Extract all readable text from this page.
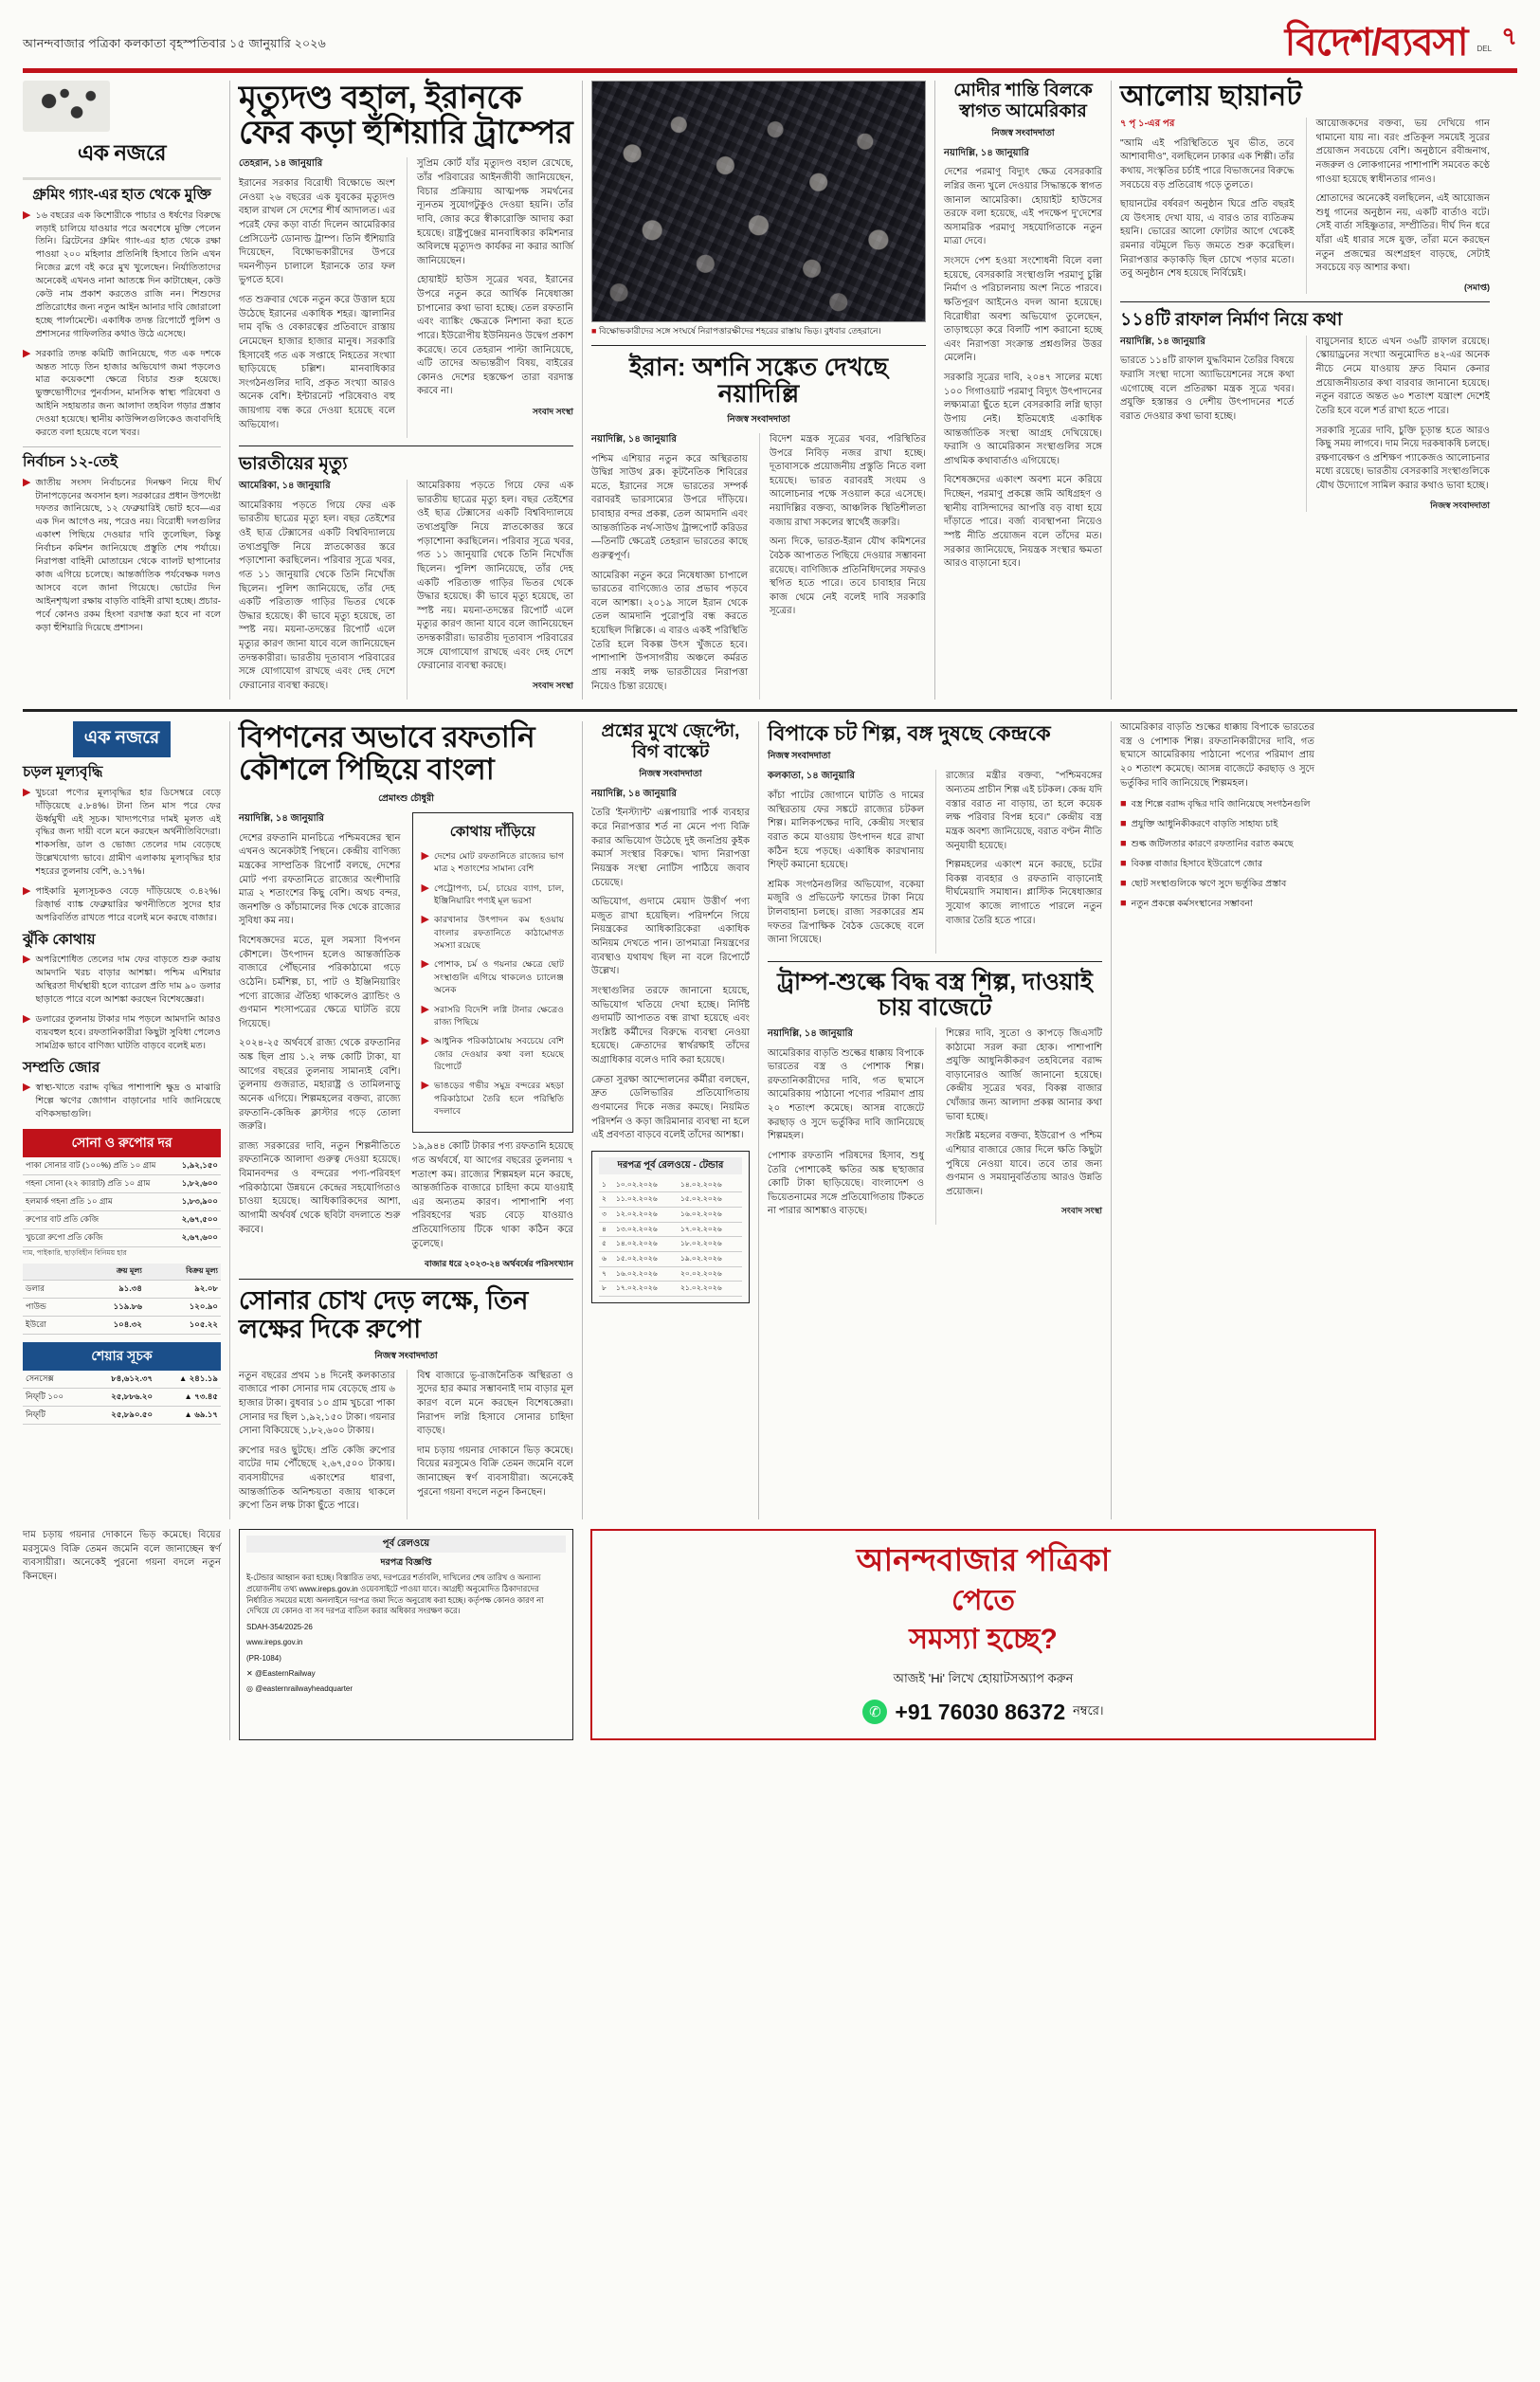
আনন্দবাজার পত্রিকা কলকাতা বৃহস্পতিবার ১৫ জানুয়ারি ২০২৬	বিদেশ/ব্যবসা DEL ৭
এক নজরে
গ্রুমিং গ্যাং-এর হাত থেকে মুক্তি
▶ ১৬ বছরের এক কিশোরীকে পাচার ও ধর্ষণের বিরুদ্ধে লড়াই চালিয়ে যাওয়ার পরে অবশেষে মুক্তি পেলেন তিনি। ব্রিটেনের গ্রুমিং গ্যাং-এর হাত থেকে রক্ষা পাওয়া ২০০ মহিলার প্রতিনিধি হিসাবে তিনি এখন নিজের ব্লগে বই করে মুখ খুলেছেন। নির্যাতিতাদের অনেকেই এখনও নানা আতঙ্কে দিন কাটাচ্ছেন, কেউ কেউ নাম প্রকাশ করতেও রাজি নন। শিশুদের প্রতিরোধের জন্য নতুন আইন আনার দাবি জোরালো হচ্ছে পার্লামেন্টে। একাধিক তদন্ত রিপোর্টে পুলিশ ও প্রশাসনের গাফিলতির কথাও উঠে এসেছে।
▶ সরকারি তদন্ত কমিটি জানিয়েছে, গত এক দশকে অন্তত সাড়ে তিন হাজার অভিযোগ জমা পড়লেও মাত্র কয়েকশো ক্ষেত্রে বিচার শুরু হয়েছে। ভুক্তভোগীদের পুনর্বাসন, মানসিক স্বাস্থ্য পরিষেবা ও আইনি সহায়তার জন্য আলাদা তহবিল গড়ার প্রস্তাব দেওয়া হয়েছে। স্থানীয় কাউন্সিলগুলিকেও জবাবদিহি করতে বলা হয়েছে বলে খবর।
নির্বাচন ১২-তেই
▶ জাতীয় সংসদ নির্বাচনের দিনক্ষণ নিয়ে দীর্ঘ টানাপড়েনের অবসান হল। সরকারের প্রধান উপদেষ্টা দফতর জানিয়েছে, ১২ ফেব্রুয়ারিই ভোট হবে—এর এক দিন আগেও নয়, পরেও নয়। বিরোধী দলগুলির একাংশ পিছিয়ে দেওয়ার দাবি তুলেছিল, কিন্তু নির্বাচন কমিশন জানিয়েছে প্রস্তুতি শেষ পর্যায়ে। নিরাপত্তা বাহিনী মোতায়েন থেকে ব্যালট ছাপানোর কাজ এগিয়ে চলেছে। আন্তর্জাতিক পর্যবেক্ষক দলও আসবে বলে জানা গিয়েছে। ভোটের দিন আইনশৃঙ্খলা রক্ষায় বাড়তি বাহিনী রাখা হচ্ছে। প্রচার-পর্বে কোনও রকম হিংসা বরদাস্ত করা হবে না বলে কড়া হুঁশিয়ারি দিয়েছে প্রশাসন।
মৃত্যুদণ্ড বহাল, ইরানকে ফের কড়া হুঁশিয়ারি ট্রাম্পের

তেহরান, ১৪ জানুয়ারি

ইরানের সরকার বিরোধী বিক্ষোভে অংশ নেওয়া ২৬ বছরের এক যুবকের মৃত্যুদণ্ড বহাল রাখল সে দেশের শীর্ষ আদালত। এর পরেই ফের কড়া বার্তা দিলেন আমেরিকার প্রেসিডেন্ট ডোনাল্ড ট্রাম্প। তিনি হুঁশিয়ারি দিয়েছেন, বিক্ষোভকারীদের উপরে দমনপীড়ন চালালে ইরানকে তার ফল ভুগতে হবে।

গত শুক্রবার থেকে নতুন করে উত্তাল হয়ে উঠেছে ইরানের একাধিক শহর। জ্বালানির দাম বৃদ্ধি ও বেকারত্বের প্রতিবাদে রাস্তায় নেমেছেন হাজার হাজার মানুষ। সরকারি হিসাবেই গত এক সপ্তাহে নিহতের সংখ্যা ছাড়িয়েছে চল্লিশ। মানবাধিকার সংগঠনগুলির দাবি, প্রকৃত সংখ্যা আরও অনেক বেশি। ইন্টারনেট পরিষেবাও বহু জায়গায় বন্ধ করে দেওয়া হয়েছে বলে অভিযোগ।

সুপ্রিম কোর্ট যাঁর মৃত্যুদণ্ড বহাল রেখেছে, তাঁর পরিবারের আইনজীবী জানিয়েছেন, বিচার প্রক্রিয়ায় আত্মপক্ষ সমর্থনের ন্যূনতম সুযোগটুকুও দেওয়া হয়নি। তাঁর দাবি, জোর করে স্বীকারোক্তি আদায় করা হয়েছে। রাষ্ট্রপুঞ্জের মানবাধিকার কমিশনার অবিলম্বে মৃত্যুদণ্ড কার্যকর না করার আর্জি জানিয়েছেন।

হোয়াইট হাউস সূত্রের খবর, ইরানের উপরে নতুন করে আর্থিক নিষেধাজ্ঞা চাপানোর কথা ভাবা হচ্ছে। তেল রফতানি এবং ব্যাঙ্কিং ক্ষেত্রকে নিশানা করা হতে পারে। ইউরোপীয় ইউনিয়নও উদ্বেগ প্রকাশ করেছে। তবে তেহরান পাল্টা জানিয়েছে, এটি তাদের অভ্যন্তরীণ বিষয়, বাইরের কোনও দেশের হস্তক্ষেপ তারা বরদাস্ত করবে না।

সংবাদ সংস্থা
ভারতীয়ের মৃত্যু

আমেরিকা, ১৪ জানুয়ারি

আমেরিকায় পড়তে গিয়ে ফের এক ভারতীয় ছাত্রের মৃত্যু হল। বছর তেইশের ওই ছাত্র টেক্সাসের একটি বিশ্ববিদ্যালয়ে তথ্যপ্রযুক্তি নিয়ে স্নাতকোত্তর স্তরে পড়াশোনা করছিলেন। পরিবার সূত্রে খবর, গত ১১ জানুয়ারি থেকে তিনি নিখোঁজ ছিলেন। পুলিশ জানিয়েছে, তাঁর দেহ একটি পরিত্যক্ত গাড়ির ভিতর থেকে উদ্ধার হয়েছে। কী ভাবে মৃত্যু হয়েছে, তা স্পষ্ট নয়। ময়না-তদন্তের রিপোর্ট এলে মৃত্যুর কারণ জানা যাবে বলে জানিয়েছেন তদন্তকারীরা। ভারতীয় দূতাবাস পরিবারের সঙ্গে যোগাযোগ রাখছে এবং দেহ দেশে ফেরানোর ব্যবস্থা করছে।

আমেরিকায় পড়তে গিয়ে ফের এক ভারতীয় ছাত্রের মৃত্যু হল। বছর তেইশের ওই ছাত্র টেক্সাসের একটি বিশ্ববিদ্যালয়ে তথ্যপ্রযুক্তি নিয়ে স্নাতকোত্তর স্তরে পড়াশোনা করছিলেন। পরিবার সূত্রে খবর, গত ১১ জানুয়ারি থেকে তিনি নিখোঁজ ছিলেন। পুলিশ জানিয়েছে, তাঁর দেহ একটি পরিত্যক্ত গাড়ির ভিতর থেকে উদ্ধার হয়েছে। কী ভাবে মৃত্যু হয়েছে, তা স্পষ্ট নয়। ময়না-তদন্তের রিপোর্ট এলে মৃত্যুর কারণ জানা যাবে বলে জানিয়েছেন তদন্তকারীরা। ভারতীয় দূতাবাস পরিবারের সঙ্গে যোগাযোগ রাখছে এবং দেহ দেশে ফেরানোর ব্যবস্থা করছে।

সংবাদ সংস্থা
■ বিক্ষোভকারীদের সঙ্গে সংঘর্ষে নিরাপত্তারক্ষীদের শহরের রাস্তায় ভিড়। বুধবার তেহরানে।
ইরান: অশনি সঙ্কেত দেখছে নয়াদিল্লি
নিজস্ব সংবাদদাতা

নয়াদিল্লি, ১৪ জানুয়ারি

পশ্চিম এশিয়ার নতুন করে অস্থিরতায় উদ্বিগ্ন সাউথ ব্লক। কূটনৈতিক শিবিরের মতে, ইরানের সঙ্গে ভারতের সম্পর্ক বরাবরই ভারসাম্যের উপরে দাঁড়িয়ে। চাবাহার বন্দর প্রকল্প, তেল আমদানি এবং আন্তর্জাতিক নর্থ-সাউথ ট্রান্সপোর্ট করিডর—তিনটি ক্ষেত্রেই তেহরান ভারতের কাছে গুরুত্বপূর্ণ।

আমেরিকা নতুন করে নিষেধাজ্ঞা চাপালে ভারতের বাণিজ্যেও তার প্রভাব পড়বে বলে আশঙ্কা। ২০১৯ সালে ইরান থেকে তেল আমদানি পুরোপুরি বন্ধ করতে হয়েছিল দিল্লিকে। এ বারও একই পরিস্থিতি তৈরি হলে বিকল্প উৎস খুঁজতে হবে। পাশাপাশি উপসাগরীয় অঞ্চলে কর্মরত প্রায় নব্বই লক্ষ ভারতীয়ের নিরাপত্তা নিয়েও চিন্তা রয়েছে।

বিদেশ মন্ত্রক সূত্রের খবর, পরিস্থিতির উপরে নিবিড় নজর রাখা হচ্ছে। দূতাবাসকে প্রয়োজনীয় প্রস্তুতি নিতে বলা হয়েছে। ভারত বরাবরই সংযম ও আলোচনার পক্ষে সওয়াল করে এসেছে। নয়াদিল্লির বক্তব্য, আঞ্চলিক স্থিতিশীলতা বজায় রাখা সকলের স্বার্থেই জরুরি।

অন্য দিকে, ভারত-ইরান যৌথ কমিশনের বৈঠক আপাতত পিছিয়ে দেওয়ার সম্ভাবনা রয়েছে। বাণিজ্যিক প্রতিনিধিদলের সফরও স্থগিত হতে পারে। তবে চাবাহার নিয়ে কাজ থেমে নেই বলেই দাবি সরকারি সূত্রের।

মোদীর শান্তি বিলকে স্বাগত আমেরিকার
নিজস্ব সংবাদদাতা

নয়াদিল্লি, ১৪ জানুয়ারি

দেশের পরমাণু বিদ্যুৎ ক্ষেত্র বেসরকারি লগ্নির জন্য খুলে দেওয়ার সিদ্ধান্তকে স্বাগত জানাল আমেরিকা। হোয়াইট হাউসের তরফে বলা হয়েছে, এই পদক্ষেপ দু'দেশের অসামরিক পরমাণু সহযোগিতাকে নতুন মাত্রা দেবে।

সংসদে পেশ হওয়া সংশোধনী বিলে বলা হয়েছে, বেসরকারি সংস্থাগুলি পরমাণু চুল্লি নির্মাণ ও পরিচালনায় অংশ নিতে পারবে। ক্ষতিপূরণ আইনেও বদল আনা হয়েছে। বিরোধীরা অবশ্য অভিযোগ তুলেছেন, তাড়াহুড়ো করে বিলটি পাশ করানো হচ্ছে এবং নিরাপত্তা সংক্রান্ত প্রশ্নগুলির উত্তর মেলেনি।

সরকারি সূত্রের দাবি, ২০৪৭ সালের মধ্যে ১০০ গিগাওয়াট পরমাণু বিদ্যুৎ উৎপাদনের লক্ষ্যমাত্রা ছুঁতে হলে বেসরকারি লগ্নি ছাড়া উপায় নেই। ইতিমধ্যেই একাধিক আন্তর্জাতিক সংস্থা আগ্রহ দেখিয়েছে। ফরাসি ও আমেরিকান সংস্থাগুলির সঙ্গে প্রাথমিক কথাবার্তাও এগিয়েছে।

বিশেষজ্ঞদের একাংশ অবশ্য মনে করিয়ে দিচ্ছেন, পরমাণু প্রকল্পে জমি অধিগ্রহণ ও স্থানীয় বাসিন্দাদের আপত্তি বড় বাধা হয়ে দাঁড়াতে পারে। বর্জ্য ব্যবস্থাপনা নিয়েও স্পষ্ট নীতি প্রয়োজন বলে তাঁদের মত। সরকার জানিয়েছে, নিয়ন্ত্রক সংস্থার ক্ষমতা আরও বাড়ানো হবে।

আলোয় ছায়ানট

৭ পৃ ১-এর পর

"আমি এই পরিস্থিতিতে খুব ভীত, তবে আশাবাদীও", বলছিলেন ঢাকার এক শিল্পী। তাঁর কথায়, সংস্কৃতির চর্চাই পারে বিভাজনের বিরুদ্ধে সবচেয়ে বড় প্রতিরোধ গড়ে তুলতে।

ছায়ানটের বর্ষবরণ অনুষ্ঠান ঘিরে প্রতি বছরই যে উৎসাহ দেখা যায়, এ বারও তার ব্যতিক্রম হয়নি। ভোরের আলো ফোটার আগে থেকেই রমনার বটমূলে ভিড় জমতে শুরু করেছিল। নিরাপত্তার কড়াকড়ি ছিল চোখে পড়ার মতো। তবু অনুষ্ঠান শেষ হয়েছে নির্বিঘ্নেই।

আয়োজকদের বক্তব্য, ভয় দেখিয়ে গান থামানো যায় না। বরং প্রতিকূল সময়েই সুরের প্রয়োজন সবচেয়ে বেশি। অনুষ্ঠানে রবীন্দ্রনাথ, নজরুল ও লোকগানের পাশাপাশি সমবেত কণ্ঠে গাওয়া হয়েছে স্বাধীনতার গানও।

শ্রোতাদের অনেকেই বলছিলেন, এই আয়োজন শুধু গানের অনুষ্ঠান নয়, একটি বার্তাও বটে। সেই বার্তা সহিষ্ণুতার, সম্প্রীতির। দীর্ঘ দিন ধরে যাঁরা এই ধারার সঙ্গে যুক্ত, তাঁরা মনে করছেন নতুন প্রজন্মের অংশগ্রহণ বাড়ছে, সেটাই সবচেয়ে বড় আশার কথা।

(সমাপ্ত)
১১৪টি রাফাল নির্মাণ নিয়ে কথা

নয়াদিল্লি, ১৪ জানুয়ারি

ভারতে ১১৪টি রাফাল যুদ্ধবিমান তৈরির বিষয়ে ফরাসি সংস্থা দাসো অ্যাভিয়েশনের সঙ্গে কথা এগোচ্ছে বলে প্রতিরক্ষা মন্ত্রক সূত্রে খবর। প্রযুক্তি হস্তান্তর ও দেশীয় উৎপাদনের শর্তে বরাত দেওয়ার কথা ভাবা হচ্ছে।

বায়ুসেনার হাতে এখন ৩৬টি রাফাল রয়েছে। স্কোয়াড্রনের সংখ্যা অনুমোদিত ৪২-এর অনেক নীচে নেমে যাওয়ায় দ্রুত বিমান কেনার প্রয়োজনীয়তার কথা বারবার জানানো হয়েছে। নতুন বরাতে অন্তত ৬০ শতাংশ যন্ত্রাংশ দেশেই তৈরি হবে বলে শর্ত রাখা হতে পারে।

সরকারি সূত্রের দাবি, চুক্তি চূড়ান্ত হতে আরও কিছু সময় লাগবে। দাম নিয়ে দরকষাকষি চলছে। রক্ষণাবেক্ষণ ও প্রশিক্ষণ প্যাকেজও আলোচনার মধ্যে রয়েছে। ভারতীয় বেসরকারি সংস্থাগুলিকে যৌথ উদ্যোগে সামিল করার কথাও ভাবা হচ্ছে।

নিজস্ব সংবাদদাতা
এক নজরে
চড়ল মূল্যবৃদ্ধি
▶ খুচরো পণ্যের মূল্যবৃদ্ধির হার ডিসেম্বরে বেড়ে দাঁড়িয়েছে ৫.৮৪%। টানা তিন মাস পরে ফের ঊর্ধ্বমুখী এই সূচক। খাদ্যপণ্যের দামই মূলত এই বৃদ্ধির জন্য দায়ী বলে মনে করছেন অর্থনীতিবিদেরা। শাকসব্জি, ডাল ও ভোজ্য তেলের দাম বেড়েছে উল্লেখযোগ্য ভাবে। গ্রামীণ এলাকায় মূল্যবৃদ্ধির হার শহরের তুলনায় বেশি, ৬.১৭%।
▶ পাইকারি মূল্যসূচকও বেড়ে দাঁড়িয়েছে ৩.৪২%। রিজ়ার্ভ ব্যাঙ্ক ফেব্রুয়ারির ঋণনীতিতে সুদের হার অপরিবর্তিত রাখতে পারে বলেই মনে করছে বাজার।
ঝুঁকি কোথায়
▶ অপরিশোধিত তেলের দাম ফের বাড়তে শুরু করায় আমদানি খরচ বাড়ার আশঙ্কা। পশ্চিম এশিয়ার অস্থিরতা দীর্ঘস্থায়ী হলে ব্যারেল প্রতি দাম ৯০ ডলার ছাড়াতে পারে বলে আশঙ্কা করছেন বিশেষজ্ঞেরা।
▶ ডলারের তুলনায় টাকার দাম পড়লে আমদানি আরও ব্যয়বহুল হবে। রফতানিকারীরা কিছুটা সুবিধা পেলেও সামগ্রিক ভাবে বাণিজ্য ঘাটতি বাড়বে বলেই মত।
সম্প্রতি জোর
▶ স্বাস্থ্য-খাতে বরাদ্দ বৃদ্ধির পাশাপাশি ক্ষুদ্র ও মাঝারি শিল্পে ঋণের জোগান বাড়ানোর দাবি জানিয়েছে বণিকসভাগুলি।
সোনা ও রুপোর দর
পাকা সোনার বাট (১০০%) প্রতি ১০ গ্রাম	১,৯২,১৫০
গহনা সোনা (২২ ক্যারাট) প্রতি ১০ গ্রাম	১,৮২,৬০০
হলমার্ক গহনা প্রতি ১০ গ্রাম	১,৮৩,৯০০
রুপোর বাট প্রতি কেজি	২,৬৭,৫০০
খুচরো রুপো প্রতি কেজি	২,৬৭,৬০০
দাম, পাইকারি, ছাড়বিহীন বিনিময় হার
	ক্রয় মূল্য	বিক্রয় মূল্য
ডলার	৯১.৩৪	৯২.০৮
পাউন্ড	১১৯.৮৬	১২০.৯০
ইউরো	১০৪.৩২	১০৫.২২
শেয়ার সূচক
সেনসেক্স	৮৪,৬১২.৩৭	▲ ২৪১.১৯
নিফ্‌টি ১০০	২৫,৮৮৬.২০	▲ ৭৩.৪৫
নিফ্‌টি	২৫,৮৯০.৫০	▲ ৬৯.১৭
বিপণনের অভাবে রফতানি কৌশলে পিছিয়ে বাংলা
প্রেমাংশু চৌধুরী

নয়াদিল্লি, ১৪ জানুয়ারি

দেশের রফতানি মানচিত্রে পশ্চিমবঙ্গের স্থান এখনও অনেকটাই পিছনে। কেন্দ্রীয় বাণিজ্য মন্ত্রকের সাম্প্রতিক রিপোর্ট বলছে, দেশের মোট পণ্য রফতানিতে রাজ্যের অংশীদারি মাত্র ২ শতাংশের কিছু বেশি। অথচ বন্দর, জনশক্তি ও কাঁচামালের দিক থেকে রাজ্যের সুবিধা কম নয়।

বিশেষজ্ঞদের মতে, মূল সমস্যা বিপণন কৌশলে। উৎপাদন হলেও আন্তর্জাতিক বাজারে পৌঁছনোর পরিকাঠামো গড়ে ওঠেনি। চর্মশিল্প, চা, পাট ও ইঞ্জিনিয়ারিং পণ্যে রাজ্যের ঐতিহ্য থাকলেও ব্র্যান্ডিং ও গুণমান শংসাপত্রের ক্ষেত্রে ঘাটতি রয়ে গিয়েছে।

২০২৪-২৫ অর্থবর্ষে রাজ্য থেকে রফতানির অঙ্ক ছিল প্রায় ১.২ লক্ষ কোটি টাকা, যা আগের বছরের তুলনায় সামান্যই বেশি। তুলনায় গুজরাত, মহারাষ্ট্র ও তামিলনাড়ু অনেক এগিয়ে। শিল্পমহলের বক্তব্য, রাজ্যে রফতানি-কেন্দ্রিক ক্লাস্টার গড়ে তোলা জরুরি।

রাজ্য সরকারের দাবি, নতুন শিল্পনীতিতে রফতানিকে আলাদা গুরুত্ব দেওয়া হয়েছে। বিমানবন্দর ও বন্দরের পণ্য-পরিবহণ পরিকাঠামো উন্নয়নে কেন্দ্রের সহযোগিতাও চাওয়া হয়েছে। আধিকারিকদের আশা, আগামী অর্থবর্ষ থেকে ছবিটা বদলাতে শুরু করবে।

কোথায় দাঁড়িয়ে
▶ দেশের মোট রফতানিতে রাজ্যের ভাগ মাত্র ২ শতাংশের সামান্য বেশি
▶ পেট্রোপণ্য, চর্ম, চায়ের ব্যাগ, চাল, ইঞ্জিনিয়ারিং পণ্যই মূল ভরসা
▶ কারখানার উৎপাদন কম হওয়ায় বাংলার রফতানিতে কাঠামোগত সমস্যা রয়েছে
▶ পোশাক, চর্ম ও গয়নার ক্ষেত্রে ছোট সংস্থাগুলি এগিয়ে থাকলেও চ্যালেঞ্জ অনেক
▶ সরাসরি বিদেশি লগ্নি টানার ক্ষেত্রেও রাজ্য পিছিয়ে
▶ আধুনিক পরিকাঠামোয় সবচেয়ে বেশি জোর দেওয়ার কথা বলা হয়েছে রিপোর্টে
▶ ভাঙড়ের গভীর সমুদ্র বন্দরের মহড়া পরিকাঠামো তৈরি হলে পরিস্থিতি বদলাবে

১৯,৯৪৪ কোটি টাকার পণ্য রফতানি হয়েছে গত অর্থবর্ষে, যা আগের বছরের তুলনায় ৭ শতাংশ কম। রাজ্যের শিল্পমহল মনে করছে, আন্তর্জাতিক বাজারে চাহিদা কমে যাওয়াই এর অন্যতম কারণ। পাশাপাশি পণ্য পরিবহণের খরচ বেড়ে যাওয়াও প্রতিযোগিতায় টিকে থাকা কঠিন করে তুলেছে।

বাজার ধরে ২০২৩-২৪ অর্থবর্ষের পরিসংখ্যান
সোনার চোখ দেড় লক্ষে, তিন লক্ষের দিকে রুপো
নিজস্ব সংবাদদাতা

নতুন বছরের প্রথম ১৪ দিনেই কলকাতার বাজারে পাকা সোনার দাম বেড়েছে প্রায় ৬ হাজার টাকা। বুধবার ১০ গ্রাম খুচরো পাকা সোনার দর ছিল ১,৯২,১৫০ টাকা। গয়নার সোনা বিকিয়েছে ১,৮২,৬০০ টাকায়।

রুপোর দরও ছুটছে। প্রতি কেজি রুপোর বাটের দাম পৌঁছেছে ২,৬৭,৫০০ টাকায়। ব্যবসায়ীদের একাংশের ধারণা, আন্তর্জাতিক অনিশ্চয়তা বজায় থাকলে রুপো তিন লক্ষ টাকা ছুঁতে পারে।

বিশ্ব বাজারে ভূ-রাজনৈতিক অস্থিরতা ও সুদের হার কমার সম্ভাবনাই দাম বাড়ার মূল কারণ বলে মনে করছেন বিশেষজ্ঞেরা। নিরাপদ লগ্নি হিসাবে সোনার চাহিদা বাড়ছে।

দাম চড়ায় গয়নার দোকানে ভিড় কমেছে। বিয়ের মরসুমেও বিক্রি তেমন জমেনি বলে জানাচ্ছেন স্বর্ণ ব্যবসায়ীরা। অনেকেই পুরনো গয়না বদলে নতুন কিনছেন।

প্রশ্নের মুখে জ়েপ্টো, বিগ বাস্কেট
নিজস্ব সংবাদদাতা

নয়াদিল্লি, ১৪ জানুয়ারি

তৈরি 'ইনস্ট্যান্ট' এক্সপায়ারি পার্ক ব্যবহার করে নিরাপত্তার শর্ত না মেনে পণ্য বিক্রি করার অভিযোগ উঠেছে দুই জনপ্রিয় কুইক কমার্স সংস্থার বিরুদ্ধে। খাদ্য নিরাপত্তা নিয়ন্ত্রক সংস্থা নোটিস পাঠিয়ে জবাব চেয়েছে।

অভিযোগ, গুদামে মেয়াদ উত্তীর্ণ পণ্য মজুত রাখা হয়েছিল। পরিদর্শনে গিয়ে নিয়ন্ত্রকের আধিকারিকেরা একাধিক অনিয়ম দেখতে পান। তাপমাত্রা নিয়ন্ত্রণের ব্যবস্থাও যথাযথ ছিল না বলে রিপোর্টে উল্লেখ।

সংস্থাগুলির তরফে জানানো হয়েছে, অভিযোগ খতিয়ে দেখা হচ্ছে। নির্দিষ্ট গুদামটি আপাতত বন্ধ রাখা হয়েছে এবং সংশ্লিষ্ট কর্মীদের বিরুদ্ধে ব্যবস্থা নেওয়া হয়েছে। ক্রেতাদের স্বার্থরক্ষাই তাঁদের অগ্রাধিকার বলেও দাবি করা হয়েছে।

ক্রেতা সুরক্ষা আন্দোলনের কর্মীরা বলছেন, দ্রুত ডেলিভারির প্রতিযোগিতায় গুণমানের দিকে নজর কমছে। নিয়মিত পরিদর্শন ও কড়া জরিমানার ব্যবস্থা না হলে এই প্রবণতা বাড়বে বলেই তাঁদের আশঙ্কা।

দরপত্র পূর্ব রেলওয়ে - টেন্ডার
১	১০.০২.২০২৬	১৪.০২.২০২৬
২	১১.০২.২০২৬	১৫.০২.২০২৬
৩	১২.০২.২০২৬	১৬.০২.২০২৬
৪	১৩.০২.২০২৬	১৭.০২.২০২৬
৫	১৪.০২.২০২৬	১৮.০২.২০২৬
৬	১৫.০২.২০২৬	১৯.০২.২০২৬
৭	১৬.০২.২০২৬	২০.০২.২০২৬
৮	১৭.০২.২০২৬	২১.০২.২০২৬
বিপাকে চট শিল্প, বঙ্গ দুষছে কেন্দ্রকে
নিজস্ব সংবাদদাতা

কলকাতা, ১৪ জানুয়ারি

কাঁচা পাটের জোগানে ঘাটতি ও দামের অস্থিরতায় ফের সঙ্কটে রাজ্যের চটকল শিল্প। মালিকপক্ষের দাবি, কেন্দ্রীয় সংস্থার বরাত কমে যাওয়ায় উৎপাদন ধরে রাখা কঠিন হয়ে পড়ছে। একাধিক কারখানায় শিফ্‌ট কমানো হয়েছে।

শ্রমিক সংগঠনগুলির অভিযোগ, বকেয়া মজুরি ও প্রভিডেন্ট ফান্ডের টাকা নিয়ে টালবাহানা চলছে। রাজ্য সরকারের শ্রম দফতর ত্রিপাক্ষিক বৈঠক ডেকেছে বলে জানা গিয়েছে।

রাজ্যের মন্ত্রীর বক্তব্য, "পশ্চিমবঙ্গের অন্যতম প্রাচীন শিল্প এই চটকল। কেন্দ্র যদি বস্তার বরাত না বাড়ায়, তা হলে কয়েক লক্ষ পরিবার বিপন্ন হবে।" কেন্দ্রীয় বস্ত্র মন্ত্রক অবশ্য জানিয়েছে, বরাত বণ্টন নীতি অনুযায়ী হয়েছে।

শিল্পমহলের একাংশ মনে করছে, চটের বিকল্প ব্যবহার ও রফতানি বাড়ানোই দীর্ঘমেয়াদি সমাধান। প্লাস্টিক নিষেধাজ্ঞার সুযোগ কাজে লাগাতে পারলে নতুন বাজার তৈরি হতে পারে।

ট্রাম্প-শুল্কে বিদ্ধ বস্ত্র শিল্প, দাওয়াই চায় বাজেটে

নয়াদিল্লি, ১৪ জানুয়ারি

আমেরিকার বাড়তি শুল্কের ধাক্কায় বিপাকে ভারতের বস্ত্র ও পোশাক শিল্প। রফতানিকারীদের দাবি, গত ছ'মাসে আমেরিকায় পাঠানো পণ্যের পরিমাণ প্রায় ২০ শতাংশ কমেছে। আসন্ন বাজেটে করছাড় ও সুদে ভর্তুকির দাবি জানিয়েছে শিল্পমহল।

পোশাক রফতানি পরিষদের হিসাব, শুধু তৈরি পোশাকেই ক্ষতির অঙ্ক ছ'হাজার কোটি টাকা ছাড়িয়েছে। বাংলাদেশ ও ভিয়েতনামের সঙ্গে প্রতিযোগিতায় টিকতে না পারার আশঙ্কাও বাড়ছে।

শিল্পের দাবি, সুতো ও কাপড়ে জিএসটি কাঠামো সরল করা হোক। পাশাপাশি প্রযুক্তি আধুনিকীকরণ তহবিলের বরাদ্দ বাড়ানোরও আর্জি জানানো হয়েছে। কেন্দ্রীয় সূত্রের খবর, বিকল্প বাজার খোঁজার জন্য আলাদা প্রকল্প আনার কথা ভাবা হচ্ছে।

সংশ্লিষ্ট মহলের বক্তব্য, ইউরোপ ও পশ্চিম এশিয়ার বাজারে জোর দিলে ক্ষতি কিছুটা পুষিয়ে নেওয়া যাবে। তবে তার জন্য গুণমান ও সময়ানুবর্তিতায় আরও উন্নতি প্রয়োজন।

সংবাদ সংস্থা
আমেরিকার বাড়তি শুল্কের ধাক্কায় বিপাকে ভারতের বস্ত্র ও পোশাক শিল্প। রফতানিকারীদের দাবি, গত ছ'মাসে আমেরিকায় পাঠানো পণ্যের পরিমাণ প্রায় ২০ শতাংশ কমেছে। আসন্ন বাজেটে করছাড় ও সুদে ভর্তুকির দাবি জানিয়েছে শিল্পমহল।
■ বস্ত্র শিল্পে বরাদ্দ বৃদ্ধির দাবি জানিয়েছে সংগঠনগুলি
■ প্রযুক্তি আধুনিকীকরণে বাড়তি সাহায্য চাই
■ শুল্ক জটিলতার কারণে রফতানির বরাত কমছে
■ বিকল্প বাজার হিসাবে ইউরোপে জোর
■ ছোট সংস্থাগুলিকে ঋণে সুদে ভর্তুকির প্রস্তাব
■ নতুন প্রকল্পে কর্মসংস্থানের সম্ভাবনা
দাম চড়ায় গয়নার দোকানে ভিড় কমেছে। বিয়ের মরসুমেও বিক্রি তেমন জমেনি বলে জানাচ্ছেন স্বর্ণ ব্যবসায়ীরা। অনেকেই পুরনো গয়না বদলে নতুন কিনছেন।
পূর্ব রেলওয়ে
দরপত্র বিজ্ঞপ্তি
ই-টেন্ডার আহ্বান করা হচ্ছে। বিস্তারিত তথ্য, দরপত্রের শর্তাবলি, দাখিলের শেষ তারিখ ও অন্যান্য প্রয়োজনীয় তথ্য www.ireps.gov.in ওয়েবসাইটে পাওয়া যাবে। আগ্রহী অনুমোদিত ঠিকাদারদের নির্ধারিত সময়ের মধ্যে অনলাইনে দরপত্র জমা দিতে অনুরোধ করা হচ্ছে। কর্তৃপক্ষ কোনও কারণ না দেখিয়ে যে কোনও বা সব দরপত্র বাতিল করার অধিকার সংরক্ষণ করে।
SDAH-354/2025-26
www.ireps.gov.in
(PR-1084)
✕ @EasternRailway
◎ @easternrailwayheadquarter
আনন্দবাজার পত্রিকা
পেতে
সমস্যা হচ্ছে?
আজই 'Hi' লিখে হোয়াটসঅ্যাপ করুন
✆ +91 76030 86372 নম্বরে।
